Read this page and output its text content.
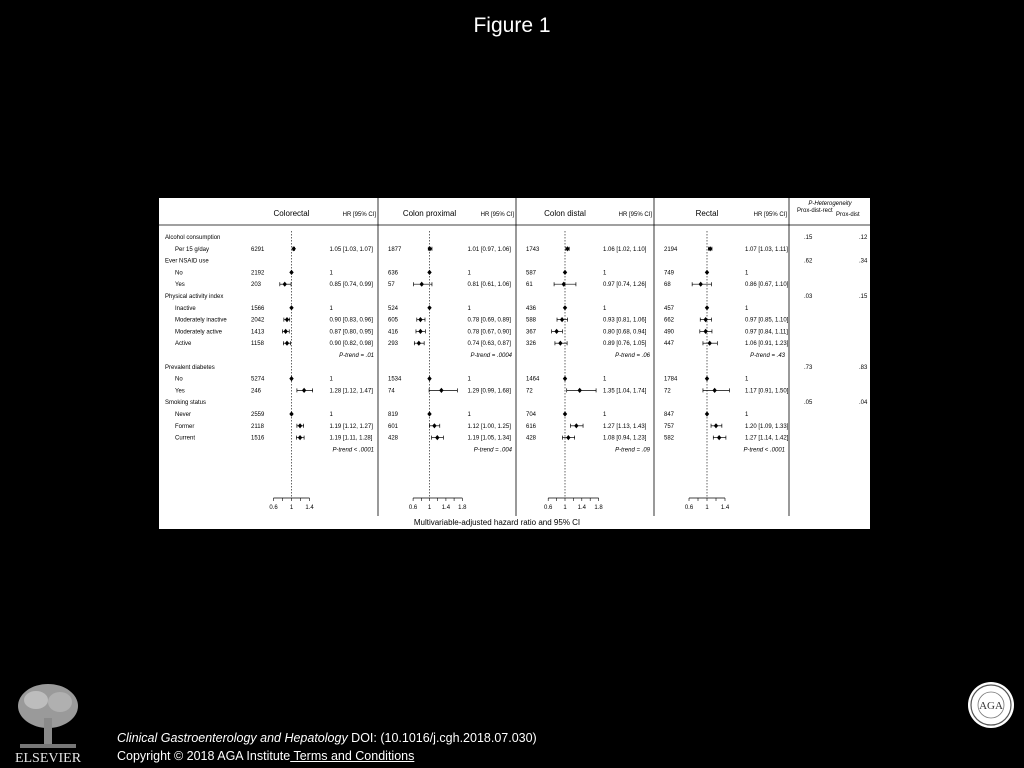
Figure 1
Colorectal	HR [95% CI]	Colon proximal	HR [95% CI]	Colon distal	HR [95% CI]	Rectal	HR [95% CI]
P-Heterogeneity
Prox-dist-rect
Prox-dist
Alcohol consumption	.15	.12
Per 15 g/day	6291	1.05 [1.03, 1.07]	1877	1.01 [0.97, 1.06]	1743	1.06 [1.02, 1.10]	2194	1.07 [1.03, 1.11]
Ever NSAID use	.62	.34
No	2192	1	636	1	587	1	749	1
Yes	203	0.85 [0.74, 0.99]	57	0.81 [0.61, 1.06]	61	0.97 [0.74, 1.26]	68	0.86 [0.67, 1.10]
Physical activity index	.03	.15
Inactive	1566	1	524	1	436	1	457	1
Moderately inactive	2042	0.90 [0.83, 0.96]	605	0.78 [0.69, 0.89]	588	0.93 [0.81, 1.06]	662	0.97 [0.85, 1.10]
Moderately active	1413	0.87 [0.80, 0.95]	416	0.78 [0.67, 0.90]	367	0.80 [0.68, 0.94]	490	0.97 [0.84, 1.11]
Active	1158	0.90 [0.82, 0.98]	293	0.74 [0.63, 0.87]	326	0.89 [0.76, 1.05]	447	1.06 [0.91, 1.23]
P-trend = .01	P-trend = .0004	P-trend = .06	P-trend = .43
Prevalent diabetes	.73	.83
No	5274	1	1534	1	1464	1	1784	1
Yes	246	1.28 [1.12, 1.47]	74	1.29 [0.99, 1.68]	72	1.35 [1.04, 1.74]	72	1.17 [0.91, 1.50]
Smoking status	.05	.04
Never	2559	1	819	1	704	1	847	1
Former	2118	1.19 [1.12, 1.27]	601	1.12 [1.00, 1.25]	616	1.27 [1.13, 1.43]	757	1.20 [1.09, 1.33]
Current	1516	1.19 [1.11, 1.28]	428	1.19 [1.05, 1.34]	428	1.08 [0.94, 1.23]	582	1.27 [1.14, 1.42]
P-trend < .0001	P-trend = .004	P-trend = .09	P-trend < .0001
0.6 1 1.4	0.6 1 1.4 1.8	0.6 1 1.4 1.8	0.6 1 1.4
Multivariable-adjusted hazard ratio and 95% CI
ELSEVIER
AGA
Clinical Gastroenterology and Hepatology DOI: (10.1016/j.cgh.2018.07.030)
Copyright © 2018 AGA Institute Terms and Conditions
